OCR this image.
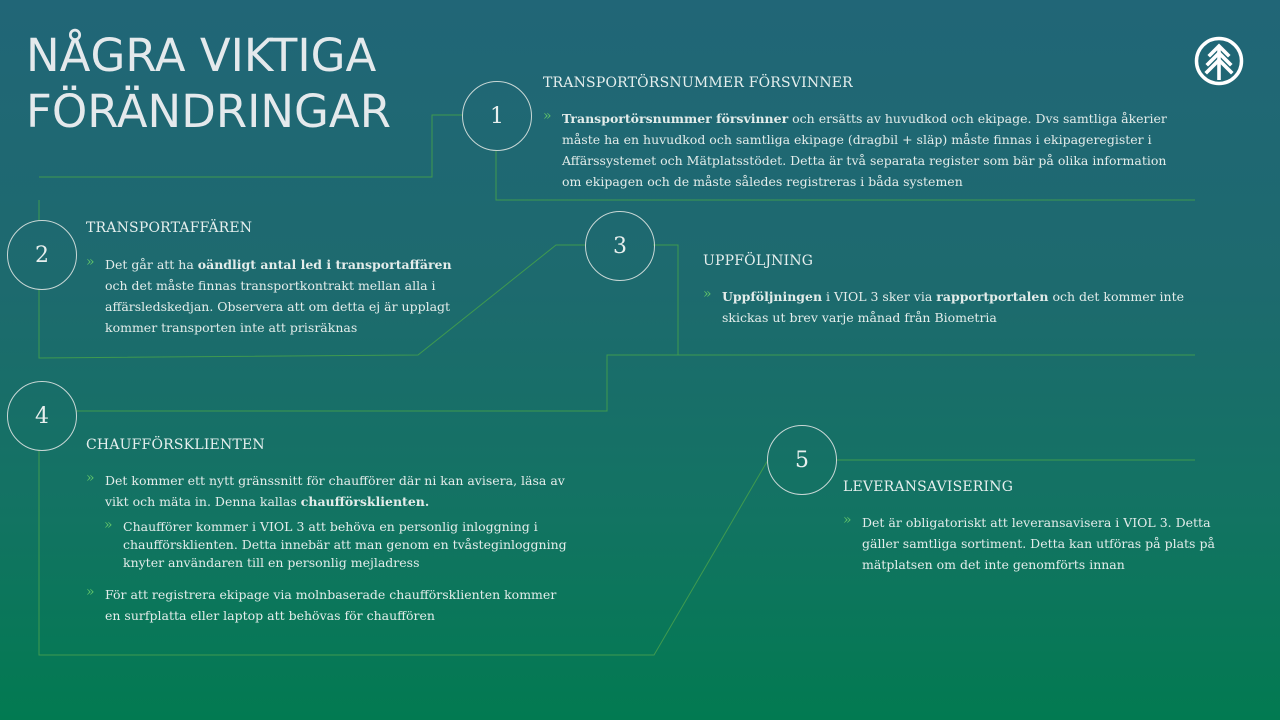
NÅGRA VIKTIGA
FÖRÄNDRINGAR	1
2	3
4
5
TRANSPORTÖRSNUMMER FÖRSVINNER
» Transportörsnummer försvinner och ersätts av huvudkod och ekipage. Dvs samtliga åkerier måste ha en huvudkod och samtliga ekipage (dragbil + släp) måste finnas i ekipageregister i Affärssystemet och Mätplatsstödet. Detta är två separata register som bär på olika information om ekipagen och de måste således registreras i båda systemen
TRANSPORTAFFÄREN
» Det går att ha oändligt antal led i transportaffären och det måste finnas transportkontrakt mellan alla i affärsledskedjan. Observera att om detta ej är upplagt kommer transporten inte att prisräknas
UPPFÖLJNING
» Uppföljningen i VIOL 3 sker via rapportportalen och det kommer inte skickas ut brev varje månad från Biometria
CHAUFFÖRSKLIENTEN
» Det kommer ett nytt gränssnitt för chaufförer där ni kan avisera, läsa av vikt och mäta in. Denna kallas chaufförsklienten.
» Chaufförer kommer i VIOL 3 att behöva en personlig inloggning i chaufförsklienten. Detta innebär att man genom en tvåsteginloggning knyter användaren till en personlig mejladress
» För att registrera ekipage via molnbaserade chaufförsklienten kommer en surfplatta eller laptop att behövas för chauffören
LEVERANSAVISERING
» Det är obligatoriskt att leveransavisera i VIOL 3. Detta gäller samtliga sortiment. Detta kan utföras på plats på mätplatsen om det inte genomförts innan
